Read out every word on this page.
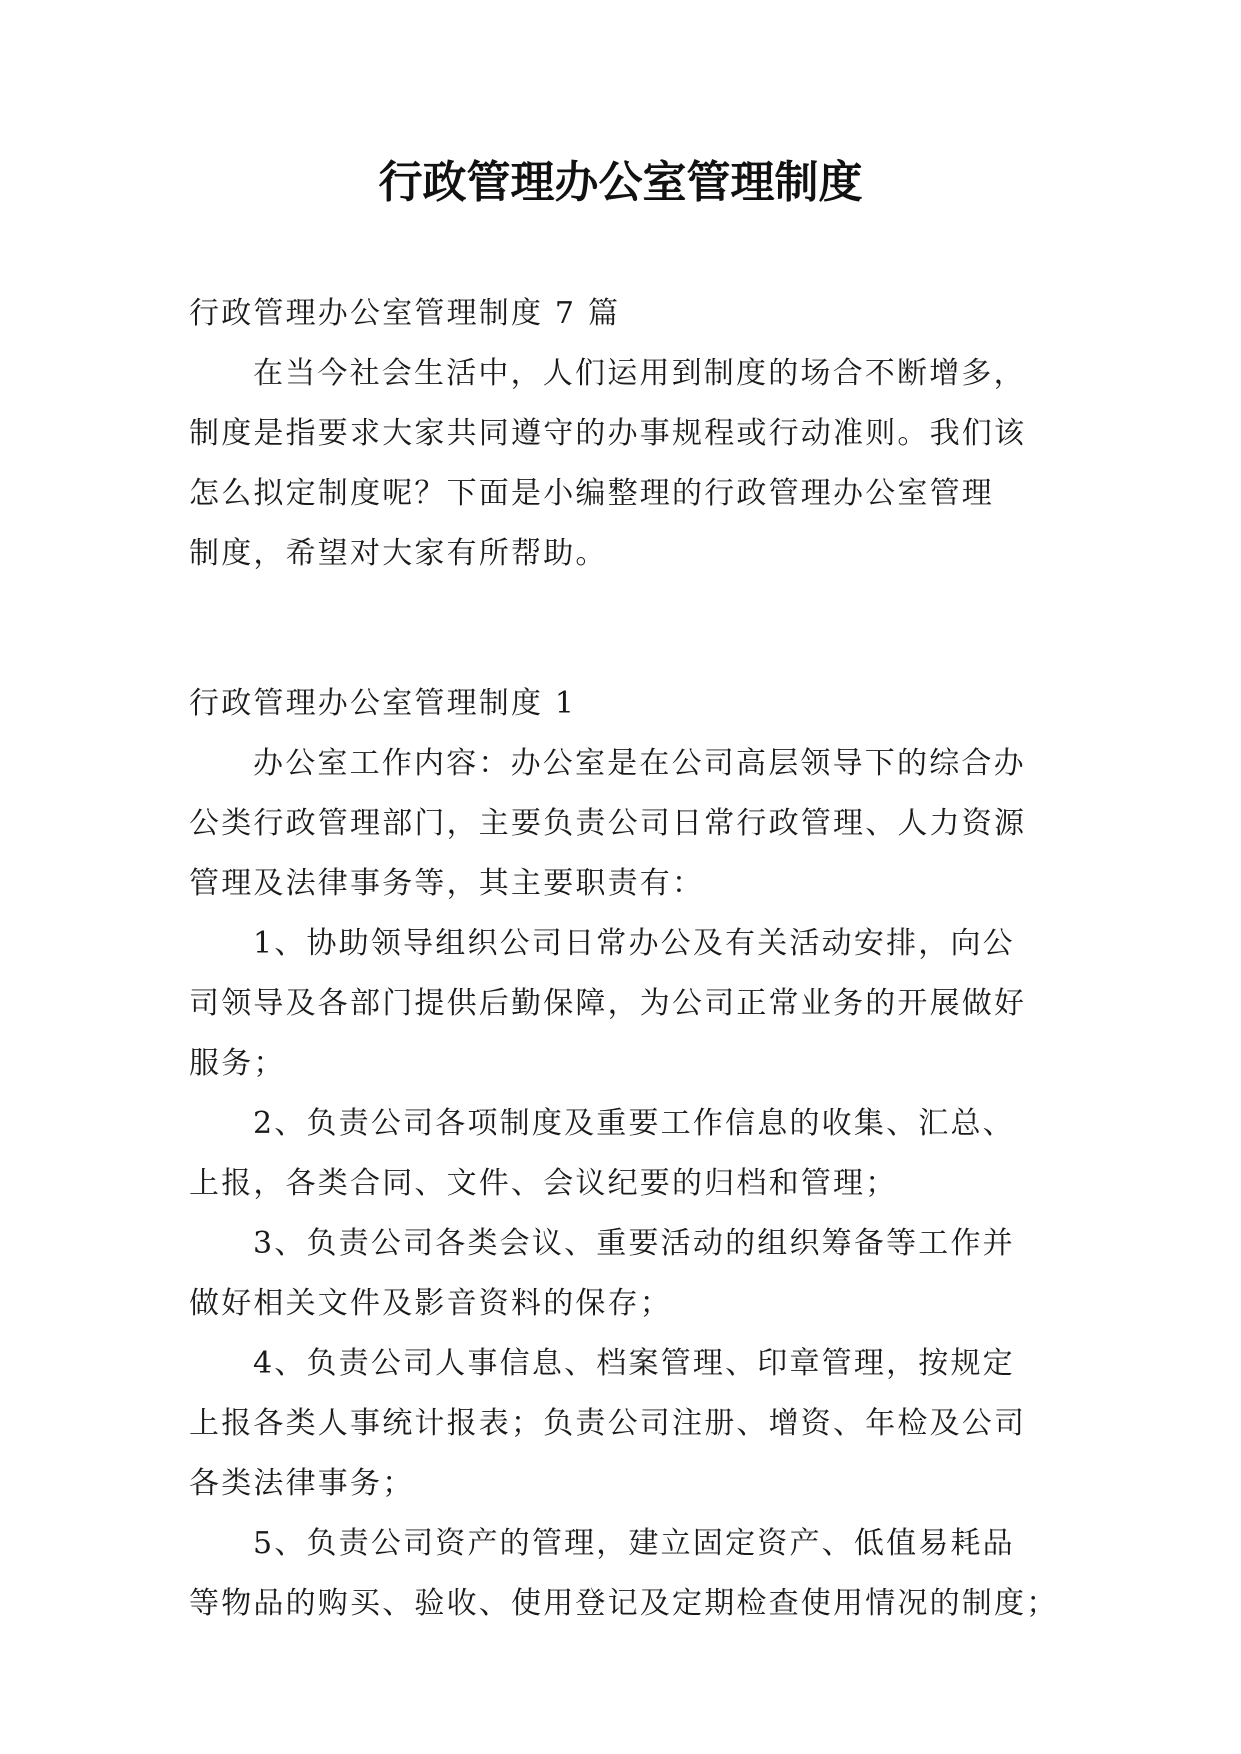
行政管理办公室管理制度

行政管理办公室管理制度 7 篇

在当今社会生活中，人们运用到制度的场合不断增多，

制度是指要求大家共同遵守的办事规程或行动准则。我们该

怎么拟定制度呢？下面是小编整理的行政管理办公室管理

制度，希望对大家有所帮助。

行政管理办公室管理制度 1

办公室工作内容：办公室是在公司高层领导下的综合办

公类行政管理部门，主要负责公司日常行政管理、人力资源

管理及法律事务等，其主要职责有：

1、协助领导组织公司日常办公及有关活动安排，向公

司领导及各部门提供后勤保障，为公司正常业务的开展做好

服务；

2、负责公司各项制度及重要工作信息的收集、汇总、

上报，各类合同、文件、会议纪要的归档和管理；

3、负责公司各类会议、重要活动的组织筹备等工作并

做好相关文件及影音资料的保存；

4、负责公司人事信息、档案管理、印章管理，按规定

上报各类人事统计报表；负责公司注册、增资、年检及公司

各类法律事务；

5、负责公司资产的管理，建立固定资产、低值易耗品

等物品的购买、验收、使用登记及定期检查使用情况的制度；
